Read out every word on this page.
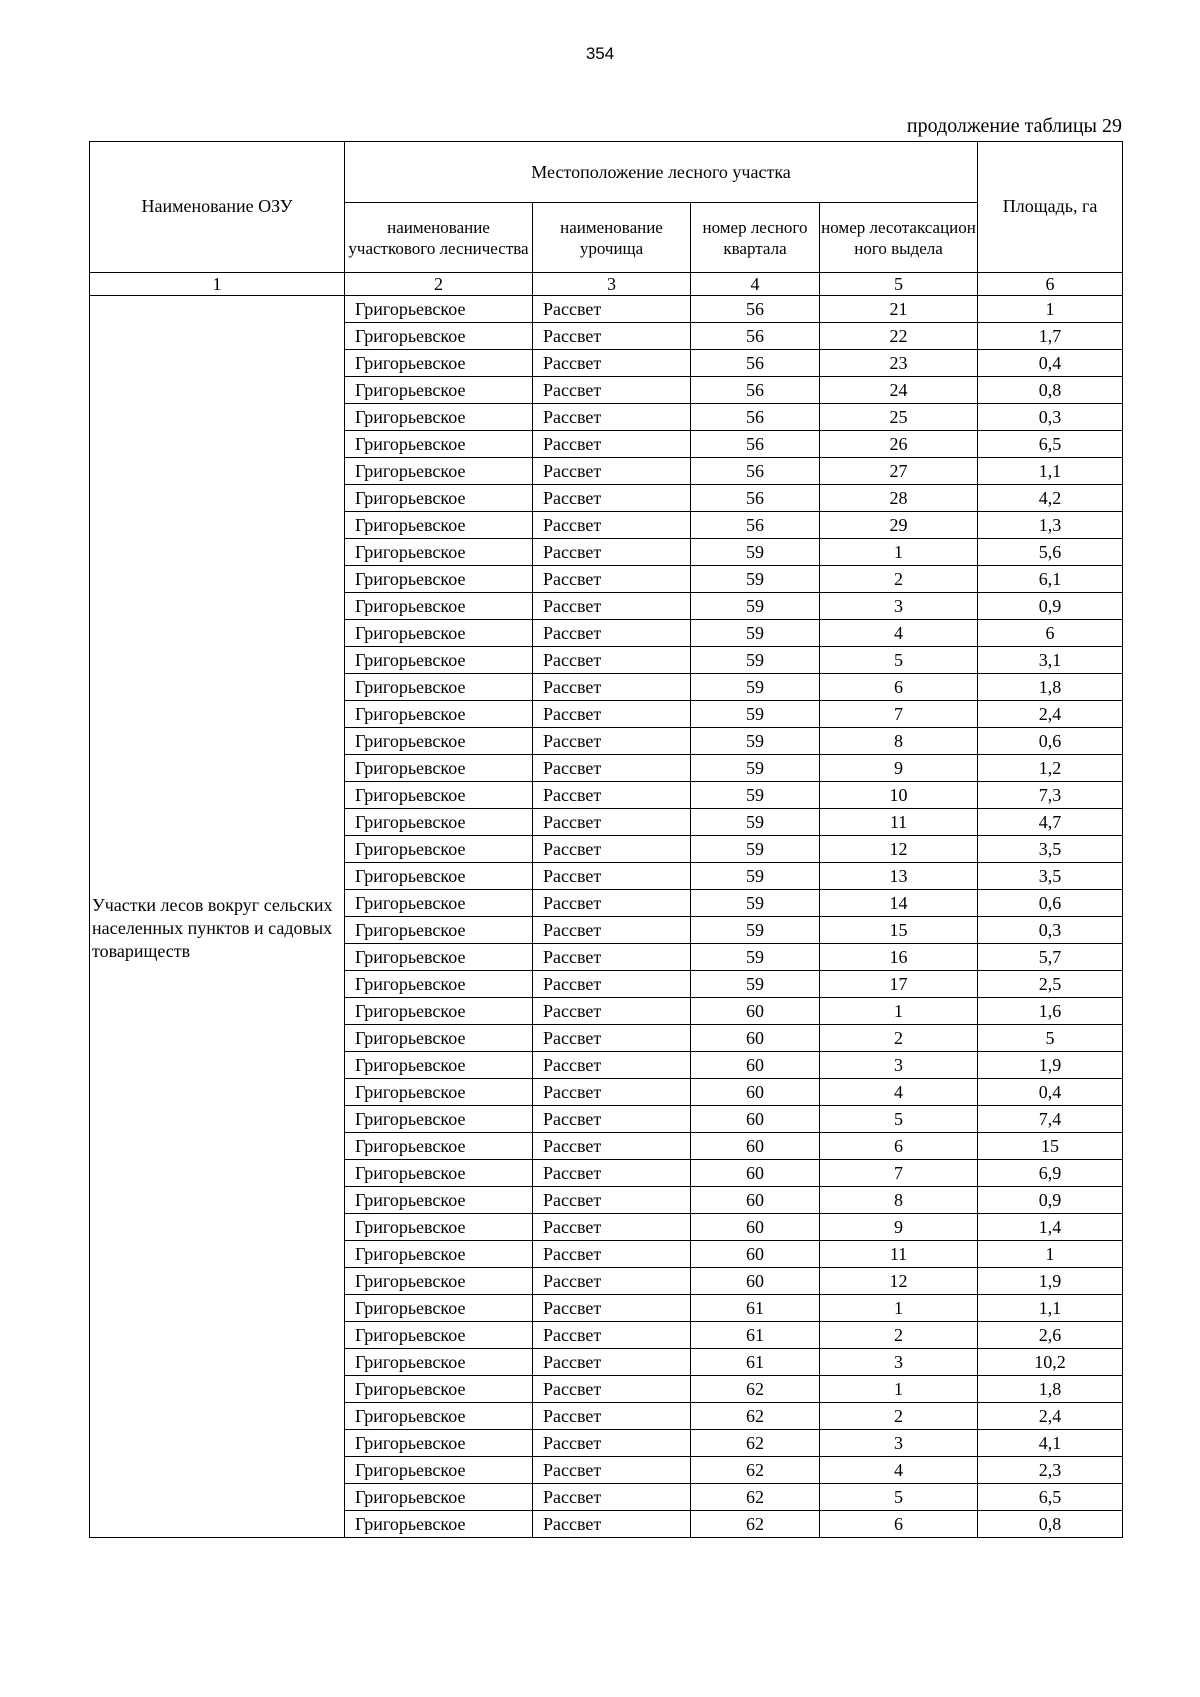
354
продолжение таблицы 29
Наименование ОЗУ	Местоположение лесного участка				Площадь, га
	наименование участкового лесничества	наименование урочища	номер лесного квартала	номер лесотаксацион ного выдела	
1	2	3	4	5	6
Участки лесов вокруг сельских населенных пунктов и садовых товариществ	Григорьевское	Рассвет	56	21	1
	Григорьевское	Рассвет	56	22	1,7
	Григорьевское	Рассвет	56	23	0,4
	Григорьевское	Рассвет	56	24	0,8
	Григорьевское	Рассвет	56	25	0,3
	Григорьевское	Рассвет	56	26	6,5
	Григорьевское	Рассвет	56	27	1,1
	Григорьевское	Рассвет	56	28	4,2
	Григорьевское	Рассвет	56	29	1,3
	Григорьевское	Рассвет	59	1	5,6
	Григорьевское	Рассвет	59	2	6,1
	Григорьевское	Рассвет	59	3	0,9
	Григорьевское	Рассвет	59	4	6
	Григорьевское	Рассвет	59	5	3,1
	Григорьевское	Рассвет	59	6	1,8
	Григорьевское	Рассвет	59	7	2,4
	Григорьевское	Рассвет	59	8	0,6
	Григорьевское	Рассвет	59	9	1,2
	Григорьевское	Рассвет	59	10	7,3
	Григорьевское	Рассвет	59	11	4,7
	Григорьевское	Рассвет	59	12	3,5
	Григорьевское	Рассвет	59	13	3,5
	Григорьевское	Рассвет	59	14	0,6
	Григорьевское	Рассвет	59	15	0,3
	Григорьевское	Рассвет	59	16	5,7
	Григорьевское	Рассвет	59	17	2,5
	Григорьевское	Рассвет	60	1	1,6
	Григорьевское	Рассвет	60	2	5
	Григорьевское	Рассвет	60	3	1,9
	Григорьевское	Рассвет	60	4	0,4
	Григорьевское	Рассвет	60	5	7,4
	Григорьевское	Рассвет	60	6	15
	Григорьевское	Рассвет	60	7	6,9
	Григорьевское	Рассвет	60	8	0,9
	Григорьевское	Рассвет	60	9	1,4
	Григорьевское	Рассвет	60	11	1
	Григорьевское	Рассвет	60	12	1,9
	Григорьевское	Рассвет	61	1	1,1
	Григорьевское	Рассвет	61	2	2,6
	Григорьевское	Рассвет	61	3	10,2
	Григорьевское	Рассвет	62	1	1,8
	Григорьевское	Рассвет	62	2	2,4
	Григорьевское	Рассвет	62	3	4,1
	Григорьевское	Рассвет	62	4	2,3
	Григорьевское	Рассвет	62	5	6,5
	Григорьевское	Рассвет	62	6	0,8
